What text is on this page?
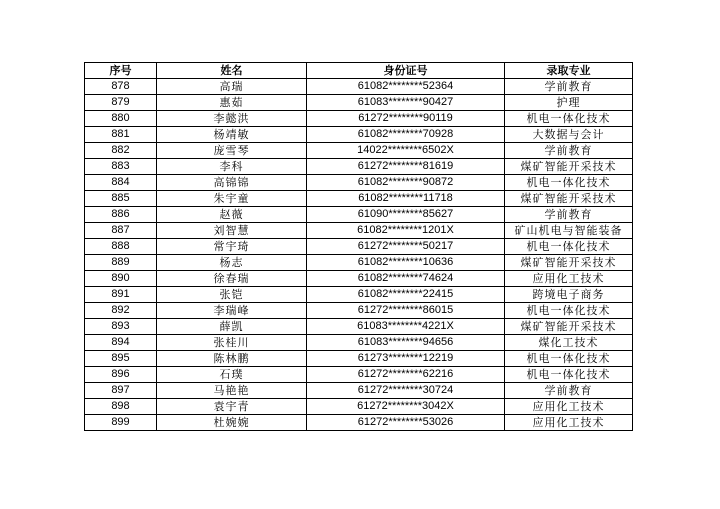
序号	姓名	身份证号	录取专业
878	高瑞	61082********52364	学前教育
879	惠茹	61083********90427	护理
880	李懿洪	61272********90119	机电一体化技术
881	杨靖敏	61082********70928	大数据与会计
882	庞雪琴	14022********6502X	学前教育
883	李科	61272********81619	煤矿智能开采技术
884	高锦锦	61082********90872	机电一体化技术
885	朱宇童	61082********11718	煤矿智能开采技术
886	赵薇	61090********85627	学前教育
887	刘智慧	61082********1201X	矿山机电与智能装备
888	常宇琦	61272********50217	机电一体化技术
889	杨志	61082********10636	煤矿智能开采技术
890	徐春瑞	61082********74624	应用化工技术
891	张铠	61082********22415	跨境电子商务
892	李瑞峰	61272********86015	机电一体化技术
893	薛凯	61083********4221X	煤矿智能开采技术
894	张桂川	61083********94656	煤化工技术
895	陈林鹏	61273********12219	机电一体化技术
896	石璞	61272********62216	机电一体化技术
897	马艳艳	61272********30724	学前教育
898	袁宇青	61272********3042X	应用化工技术
899	杜婉婉	61272********53026	应用化工技术
